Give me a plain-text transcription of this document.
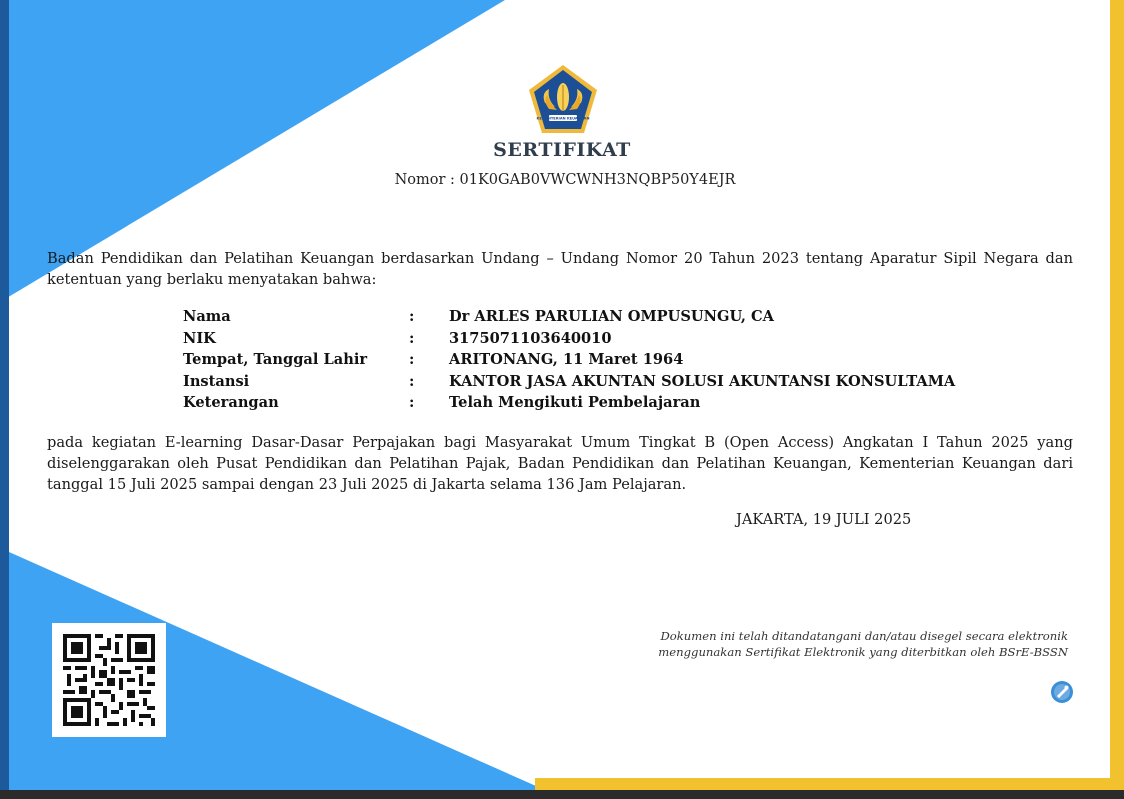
KEMENTERIAN KEUANGAN
SERTIFIKAT
Nomor : 01K0GAB0VWCWNH3NQBP50Y4EJR

Badan Pendidikan dan Pelatihan Keuangan berdasarkan Undang – Undang Nomor 20 Tahun 2023 tentang Aparatur Sipil Negara dan ketentuan yang berlaku menyatakan bahwa:

Nama	:	Dr ARLES PARULIAN OMPUSUNGU, CA
NIK	:	3175071103640010
Tempat, Tanggal Lahir	:	ARITONANG, 11 Maret 1964
Instansi	:	KANTOR JASA AKUNTAN SOLUSI AKUNTANSI KONSULTAMA
Keterangan	:	Telah Mengikuti Pembelajaran

pada kegiatan E-learning Dasar-Dasar Perpajakan bagi Masyarakat Umum Tingkat B (Open Access) Angkatan I Tahun 2025 yang diselenggarakan oleh Pusat Pendidikan dan Pelatihan Pajak, Badan Pendidikan dan Pelatihan Keuangan, Kementerian Keuangan dari tanggal 15 Juli 2025 sampai dengan 23 Juli 2025 di Jakarta selama 136 Jam Pelajaran.

JAKARTA, 19 JULI 2025
Dokumen ini telah ditandatangani dan/atau disegel secara elektronik
menggunakan Sertifikat Elektronik yang diterbitkan oleh BSrE-BSSN
